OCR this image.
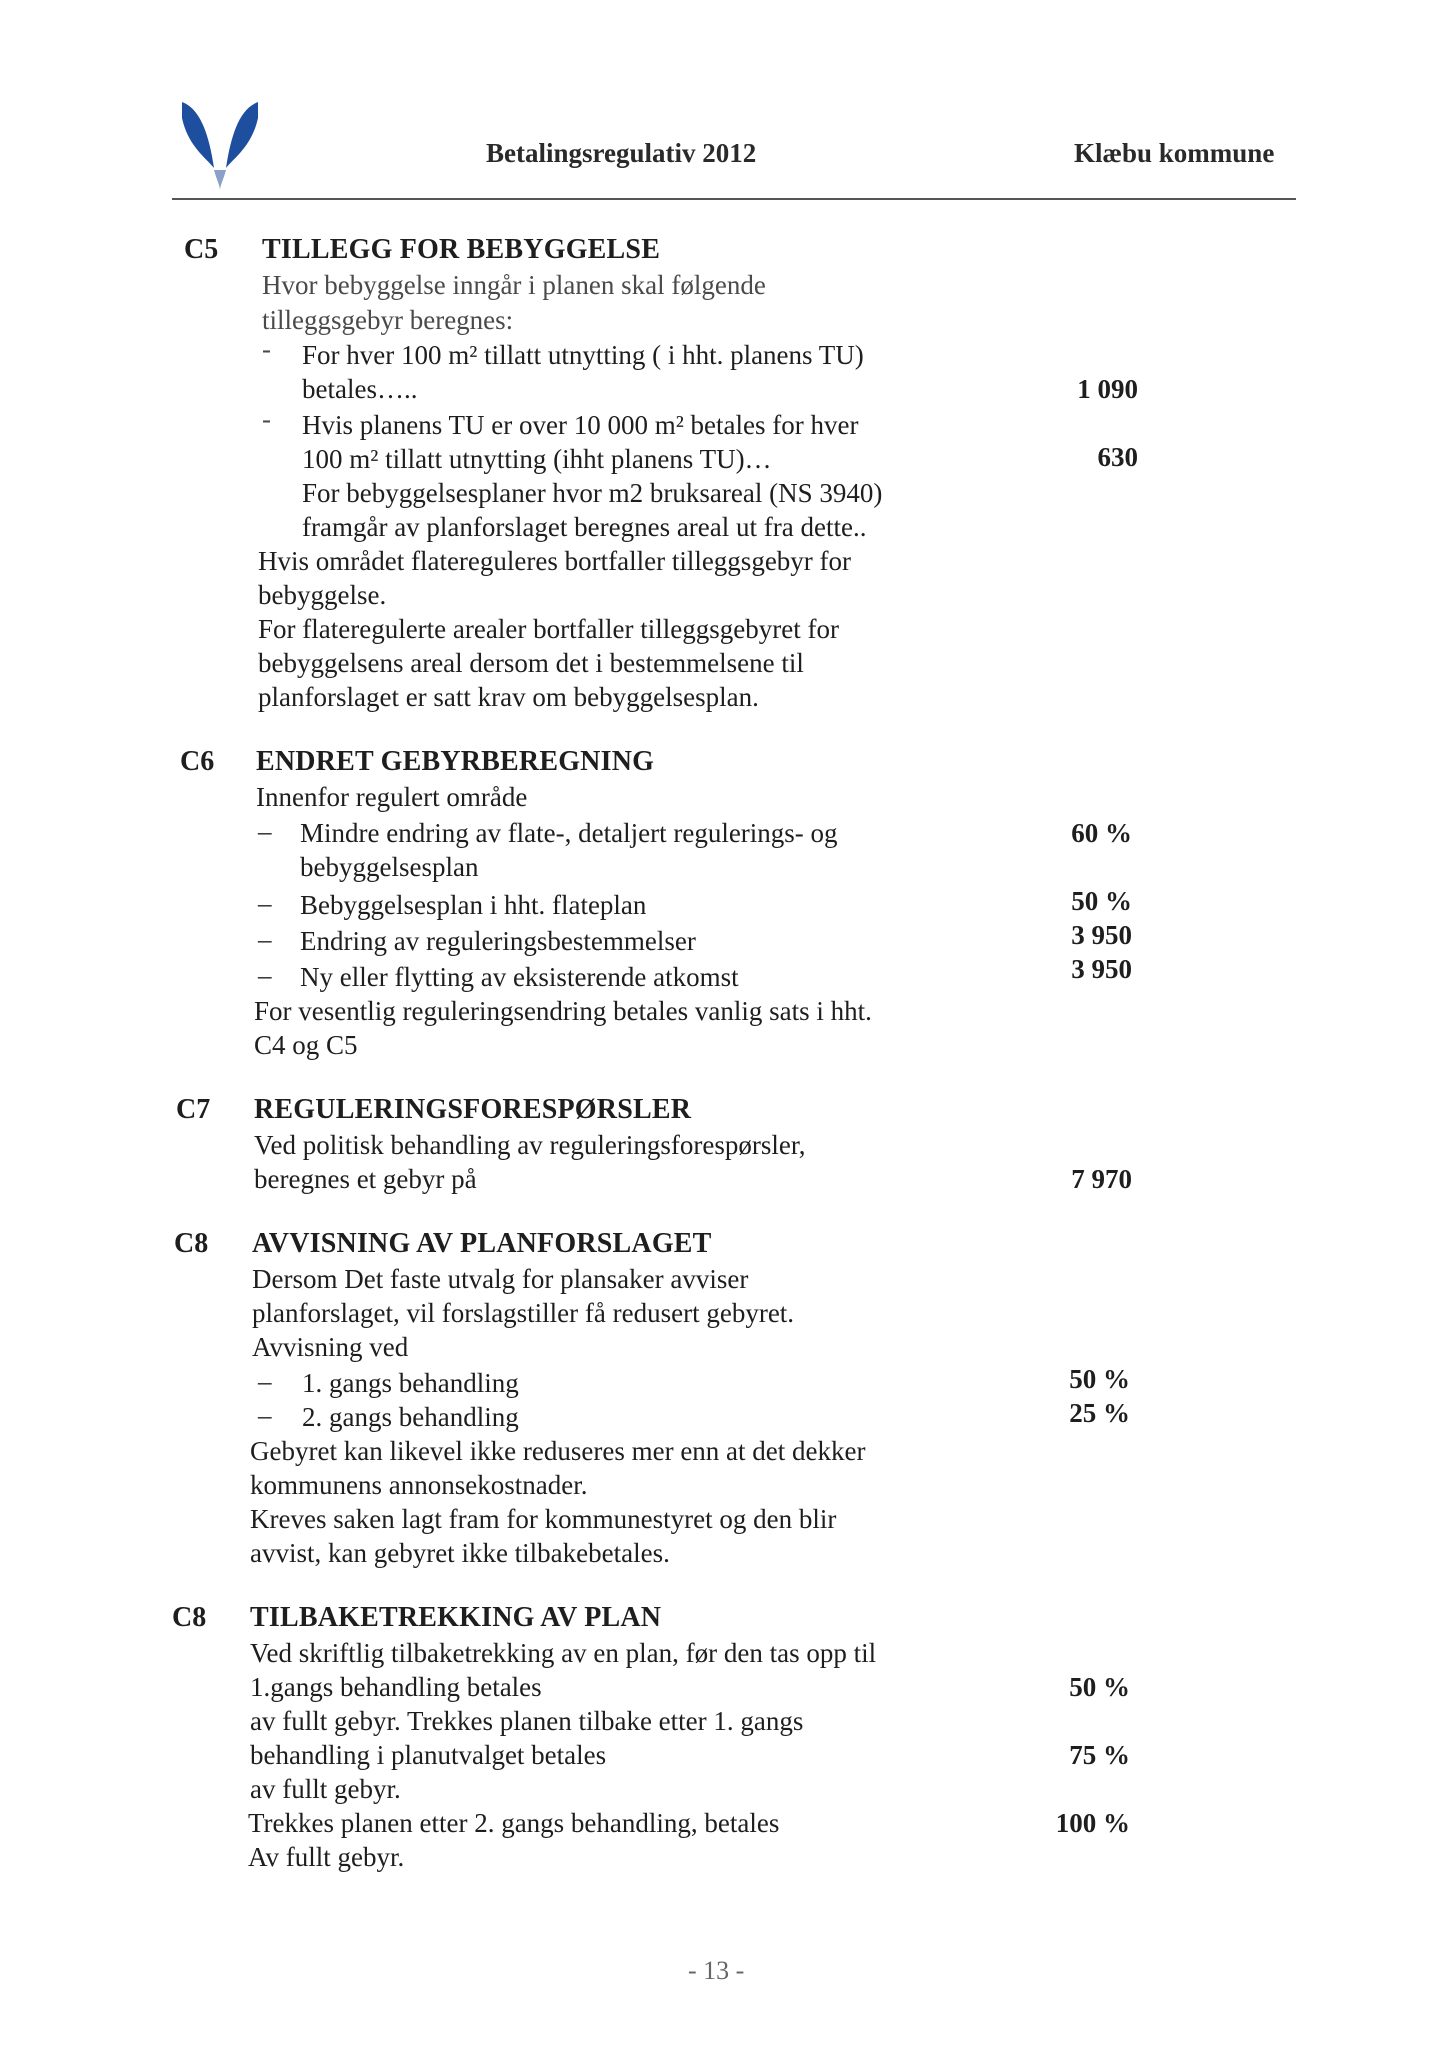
Betalingsregulativ 2012	Klæbu kommune
C5 TILLEGG FOR BEBYGGELSE
Hvor bebyggelse inngår i planen skal følgende
tilleggsgebyr beregnes:
- For hver 100 m² tillatt utnytting ( i hht. planens TU)
betales…..	1 090
- Hvis planens TU er over 10 000 m² betales for hver
100 m² tillatt utnytting (ihht planens TU)…	630
For bebyggelsesplaner hvor m2 bruksareal (NS 3940)
framgår av planforslaget beregnes areal ut fra dette..
Hvis området flatereguleres bortfaller tilleggsgebyr for
bebyggelse.
For flateregulerte arealer bortfaller tilleggsgebyret for
bebyggelsens areal dersom det i bestemmelsene til
planforslaget er satt krav om bebyggelsesplan.
C6 ENDRET GEBYRBEREGNING
Innenfor regulert område
– Mindre endring av flate-, detaljert regulerings- og	60 %
bebyggelsesplan
– Bebyggelsesplan i hht. flateplan	50 %
– Endring av reguleringsbestemmelser	3 950
– Ny eller flytting av eksisterende atkomst	3 950
For vesentlig reguleringsendring betales vanlig sats i hht.
C4 og C5
C7 REGULERINGSFORESPØRSLER
Ved politisk behandling av reguleringsforespørsler,
beregnes et gebyr på	7 970
C8 AVVISNING AV PLANFORSLAGET
Dersom Det faste utvalg for plansaker avviser
planforslaget, vil forslagstiller få redusert gebyret.
Avvisning ved
– 1. gangs behandling	50 %
– 2. gangs behandling	25 %
Gebyret kan likevel ikke reduseres mer enn at det dekker
kommunens annonsekostnader.
Kreves saken lagt fram for kommunestyret og den blir
avvist, kan gebyret ikke tilbakebetales.
C8 TILBAKETREKKING AV PLAN
Ved skriftlig tilbaketrekking av en plan, før den tas opp til
1.gangs behandling betales	50 %
av fullt gebyr. Trekkes planen tilbake etter 1. gangs
behandling i planutvalget betales	75 %
av fullt gebyr.
Trekkes planen etter 2. gangs behandling, betales	100 %
Av fullt gebyr.
- 13 -
